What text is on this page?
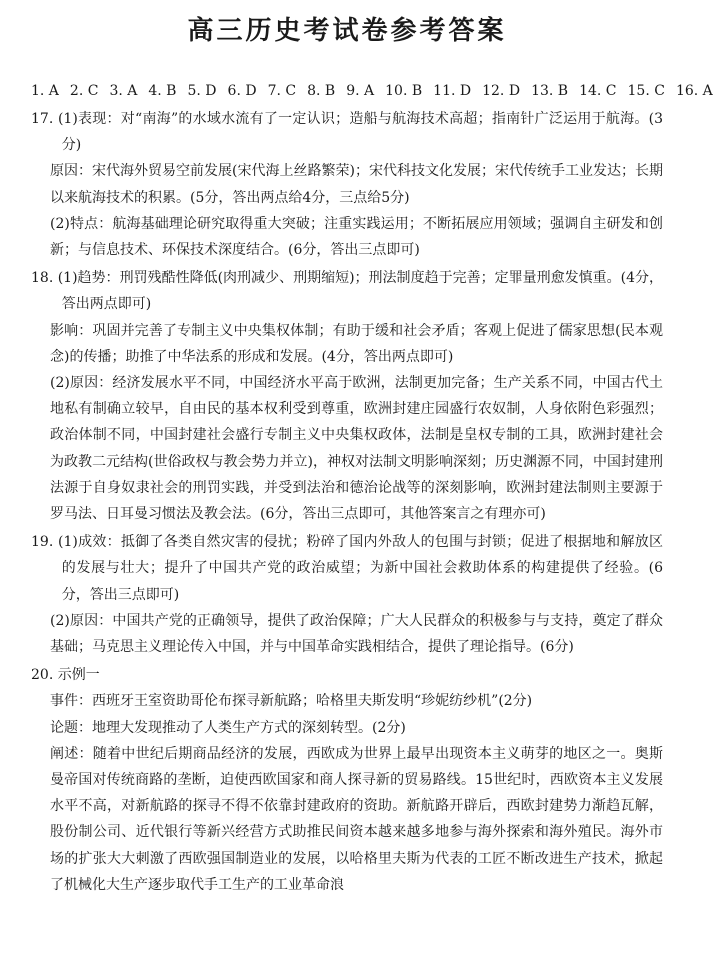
高三历史考试卷参考答案
1. A 2. C 3. A 4. B 5. D 6. D 7. C 8. B 9. A 10. B 11. D 12. D 13. B 14. C 15. C 16. A

17. (1)表现：对“南海”的水域水流有了一定认识；造船与航海技术高超；指南针广泛运用于航海。(3分)

原因：宋代海外贸易空前发展(宋代海上丝路繁荣)；宋代科技文化发展；宋代传统手工业发达；长期以来航海技术的积累。(5分，答出两点给4分，三点给5分)

(2)特点：航海基础理论研究取得重大突破；注重实践运用；不断拓展应用领域；强调自主研发和创新；与信息技术、环保技术深度结合。(6分，答出三点即可)

18. (1)趋势：刑罚残酷性降低(肉刑减少、刑期缩短)；刑法制度趋于完善；定罪量刑愈发慎重。(4分，答出两点即可)

影响：巩固并完善了专制主义中央集权体制；有助于缓和社会矛盾；客观上促进了儒家思想(民本观念)的传播；助推了中华法系的形成和发展。(4分，答出两点即可)

(2)原因：经济发展水平不同，中国经济水平高于欧洲，法制更加完备；生产关系不同，中国古代土地私有制确立较早，自由民的基本权利受到尊重，欧洲封建庄园盛行农奴制，人身依附色彩强烈；政治体制不同，中国封建社会盛行专制主义中央集权政体，法制是皇权专制的工具，欧洲封建社会为政教二元结构(世俗政权与教会势力并立)，神权对法制文明影响深刻；历史渊源不同，中国封建刑法源于自身奴隶社会的刑罚实践，并受到法治和德治论战等的深刻影响，欧洲封建法制则主要源于罗马法、日耳曼习惯法及教会法。(6分，答出三点即可，其他答案言之有理亦可)

19. (1)成效：抵御了各类自然灾害的侵扰；粉碎了国内外敌人的包围与封锁；促进了根据地和解放区的发展与壮大；提升了中国共产党的政治威望；为新中国社会救助体系的构建提供了经验。(6分，答出三点即可)

(2)原因：中国共产党的正确领导，提供了政治保障；广大人民群众的积极参与与支持，奠定了群众基础；马克思主义理论传入中国，并与中国革命实践相结合，提供了理论指导。(6分)

20. 示例一

事件：西班牙王室资助哥伦布探寻新航路；哈格里夫斯发明“珍妮纺纱机”(2分)

论题：地理大发现推动了人类生产方式的深刻转型。(2分)

阐述：随着中世纪后期商品经济的发展，西欧成为世界上最早出现资本主义萌芽的地区之一。奥斯曼帝国对传统商路的垄断，迫使西欧国家和商人探寻新的贸易路线。15世纪时，西欧资本主义发展水平不高，对新航路的探寻不得不依靠封建政府的资助。新航路开辟后，西欧封建势力渐趋瓦解，股份制公司、近代银行等新兴经营方式助推民间资本越来越多地参与海外探索和海外殖民。海外市场的扩张大大刺激了西欧强国制造业的发展，以哈格里夫斯为代表的工匠不断改进生产技术，掀起了机械化大生产逐步取代手工生产的工业革命浪
